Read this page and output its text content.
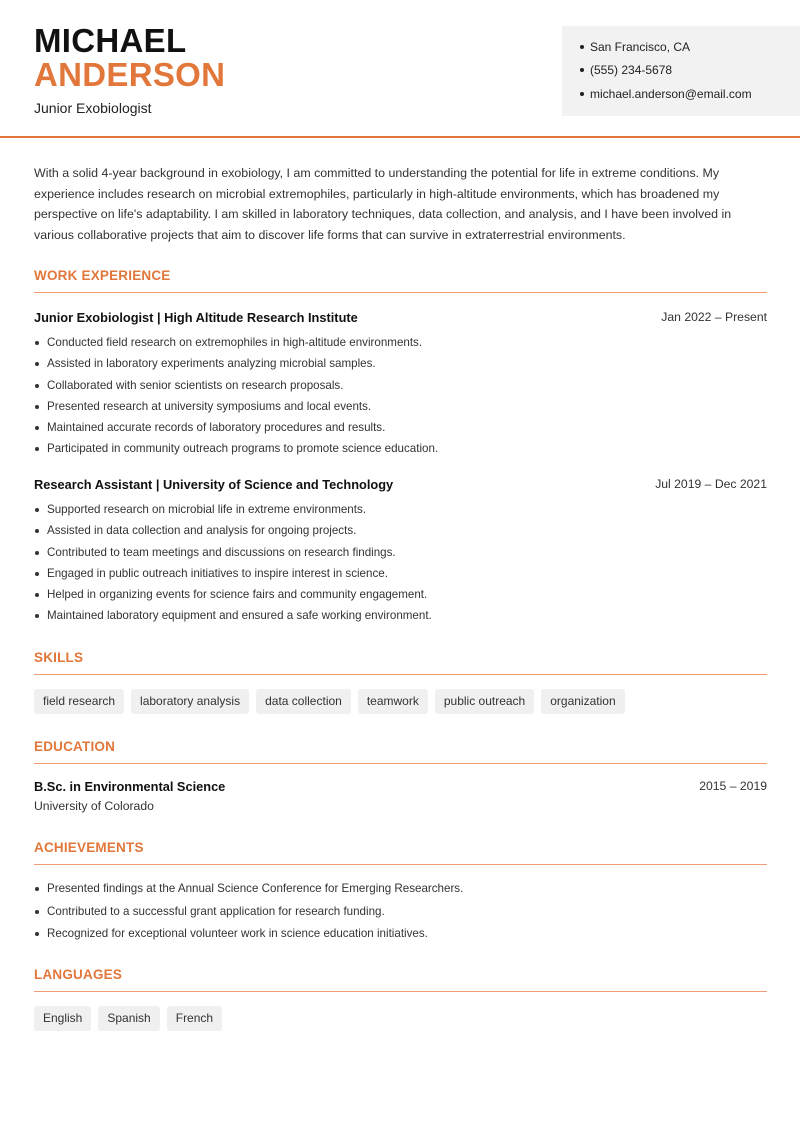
MICHAEL
ANDERSON
Junior Exobiologist
San Francisco, CA
(555) 234-5678
michael.anderson@email.com
With a solid 4-year background in exobiology, I am committed to understanding the potential for life in extreme conditions. My experience includes research on microbial extremophiles, particularly in high-altitude environments, which has broadened my perspective on life's adaptability. I am skilled in laboratory techniques, data collection, and analysis, and I have been involved in various collaborative projects that aim to discover life forms that can survive in extraterrestrial environments.
WORK EXPERIENCE
Junior Exobiologist | High Altitude Research Institute	Jan 2022 – Present
Conducted field research on extremophiles in high-altitude environments.
Assisted in laboratory experiments analyzing microbial samples.
Collaborated with senior scientists on research proposals.
Presented research at university symposiums and local events.
Maintained accurate records of laboratory procedures and results.
Participated in community outreach programs to promote science education.
Research Assistant | University of Science and Technology	Jul 2019 – Dec 2021
Supported research on microbial life in extreme environments.
Assisted in data collection and analysis for ongoing projects.
Contributed to team meetings and discussions on research findings.
Engaged in public outreach initiatives to inspire interest in science.
Helped in organizing events for science fairs and community engagement.
Maintained laboratory equipment and ensured a safe working environment.
SKILLS
field research	laboratory analysis	data collection	teamwork	public outreach	organization
EDUCATION
B.Sc. in Environmental Science	2015 – 2019
University of Colorado
ACHIEVEMENTS
Presented findings at the Annual Science Conference for Emerging Researchers.
Contributed to a successful grant application for research funding.
Recognized for exceptional volunteer work in science education initiatives.
LANGUAGES
English	Spanish	French
